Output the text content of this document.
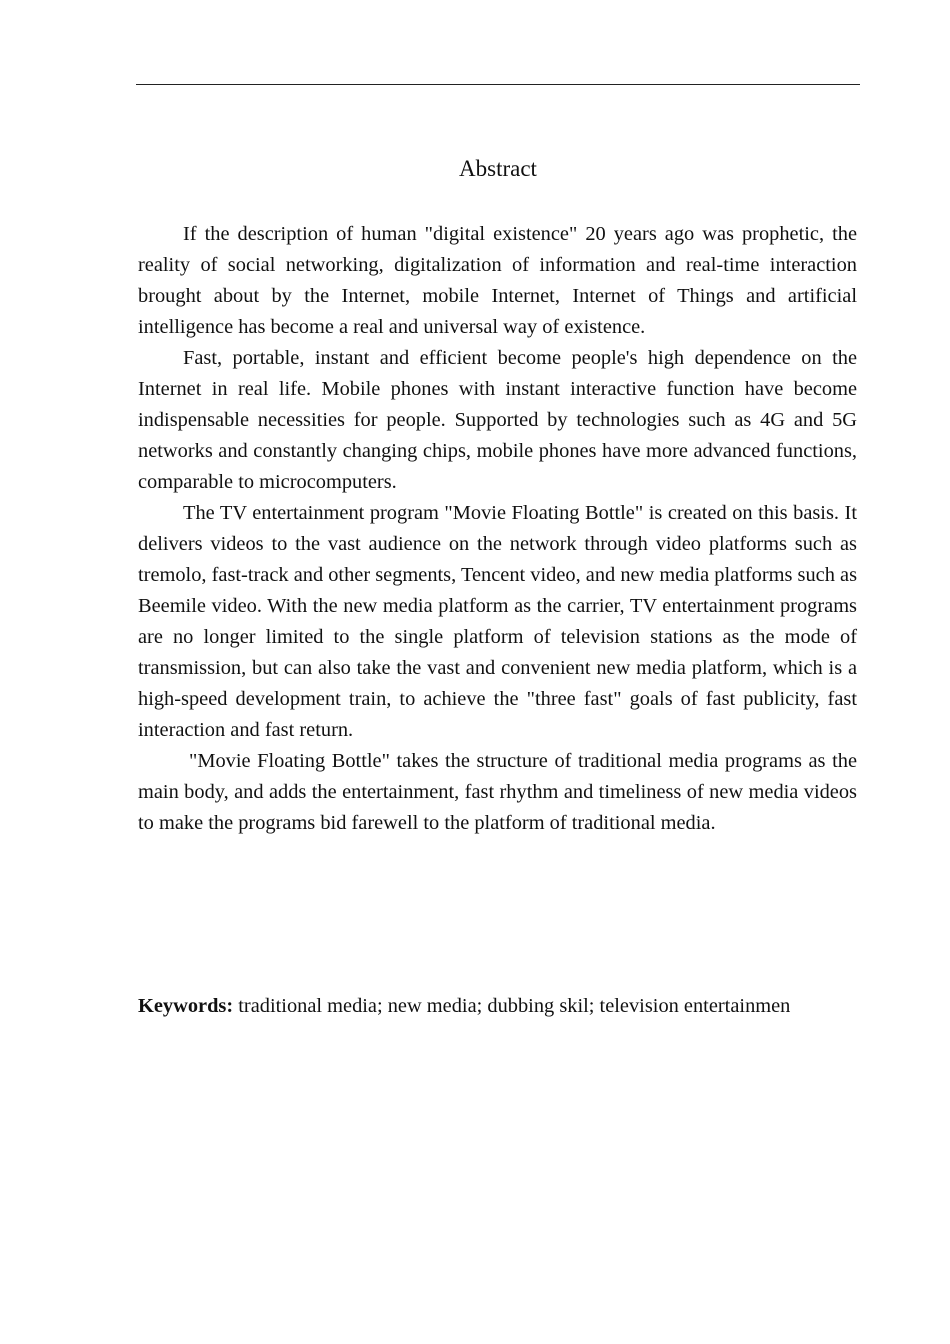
Abstract

If the description of human "digital existence" 20 years ago was prophetic, the reality of social networking, digitalization of information and real-time interaction brought about by the Internet, mobile Internet, Internet of Things and artificial intelligence has become a real and universal way of existence.

Fast, portable, instant and efficient become people's high dependence on the Internet in real life. Mobile phones with instant interactive function have become indispensable necessities for people. Supported by technologies such as 4G and 5G networks and constantly changing chips, mobile phones have more advanced functions, comparable to microcomputers.

The TV entertainment program "Movie Floating Bottle" is created on this basis. It delivers videos to the vast audience on the network through video platforms such as tremolo, fast-track and other segments, Tencent video, and new media platforms such as Beemile video. With the new media platform as the carrier, TV entertainment programs are no longer limited to the single platform of television stations as the mode of transmission, but can also take the vast and convenient new media platform, which is a high-speed development train, to achieve the "three fast" goals of fast publicity, fast interaction and fast return.

"Movie Floating Bottle" takes the structure of traditional media programs as the main body, and adds the entertainment, fast rhythm and timeliness of new media videos to make the programs bid farewell to the platform of traditional media.

Keywords: traditional media; new media; dubbing skil; television entertainmen
